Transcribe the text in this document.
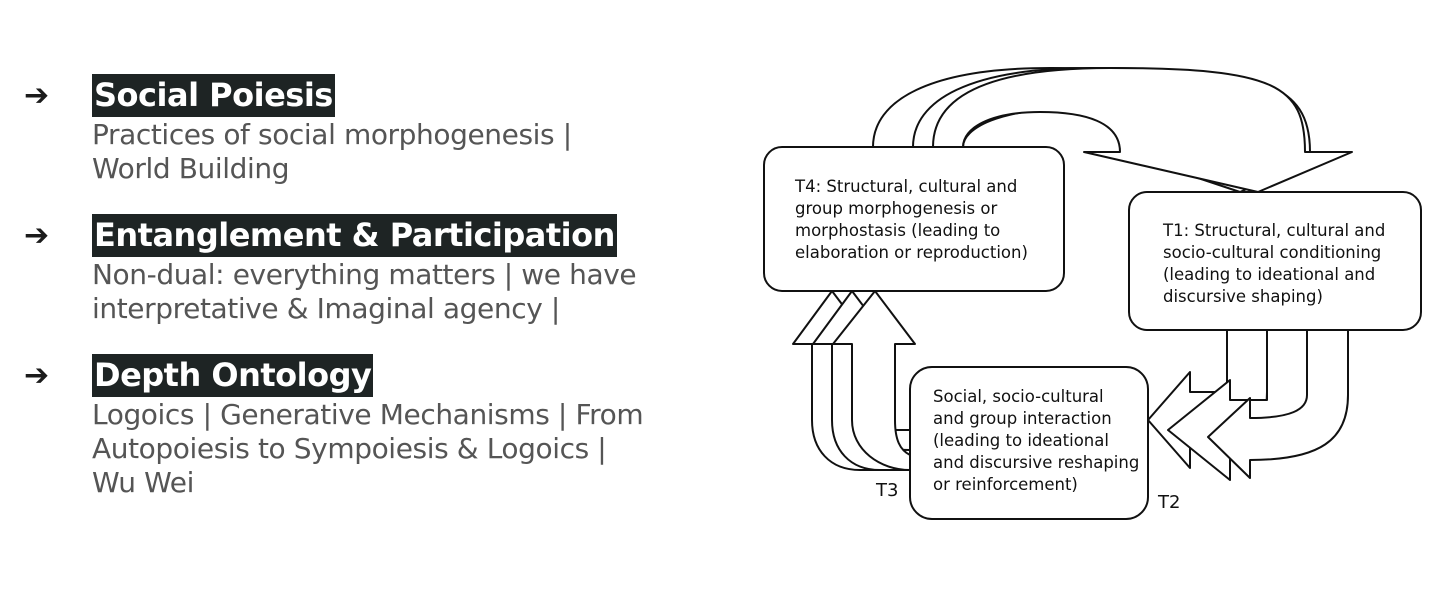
➔ Social Poiesis
Practices of social morphogenesis |
World Building
➔ Entanglement & Participation
Non-dual: everything matters | we have
interpretative & Imaginal agency |
➔ Depth Ontology
Logoics | Generative Mechanisms | From
Autopoiesis to Sympoiesis & Logoics |
Wu Wei
T4: Structural, cultural and group morphogenesis or morphostasis (leading to elaboration or reproduction)
T1: Structural, cultural and socio-cultural conditioning (leading to ideational and discursive shaping)
Social, socio-cultural and group interaction (leading to ideational and discursive reshaping or reinforcement)
T2
T3
